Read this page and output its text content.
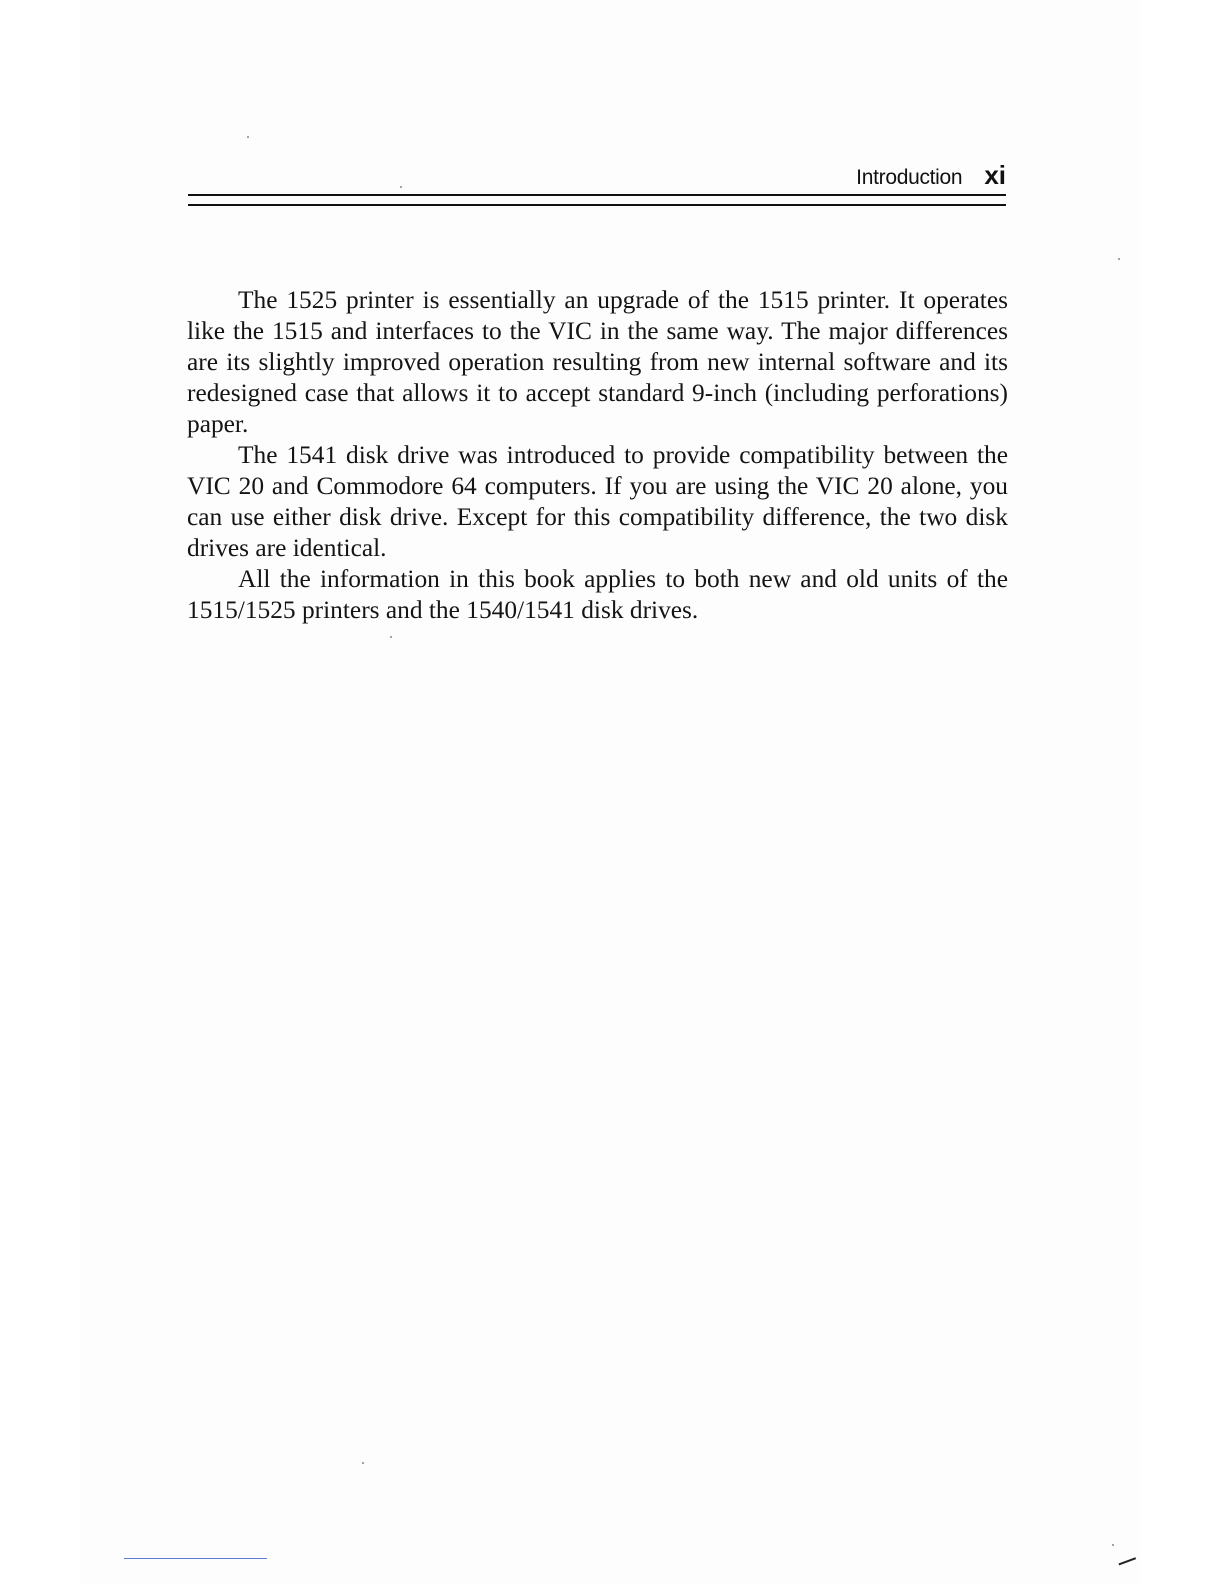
Introduction xi

The 1525 printer is essentially an upgrade of the 1515 printer. It operates like the 1515 and interfaces to the VIC in the same way. The major differences are its slightly improved operation resulting from new internal software and its redesigned case that allows it to accept standard 9-inch (including perforations) paper.

The 1541 disk drive was introduced to provide compatibility between the VIC 20 and Commodore 64 computers. If you are using the VIC 20 alone, you can use either disk drive. Except for this compatibility difference, the two disk drives are identical.

All the information in this book applies to both new and old units of the 1515/1525 printers and the 1540/1541 disk drives.
